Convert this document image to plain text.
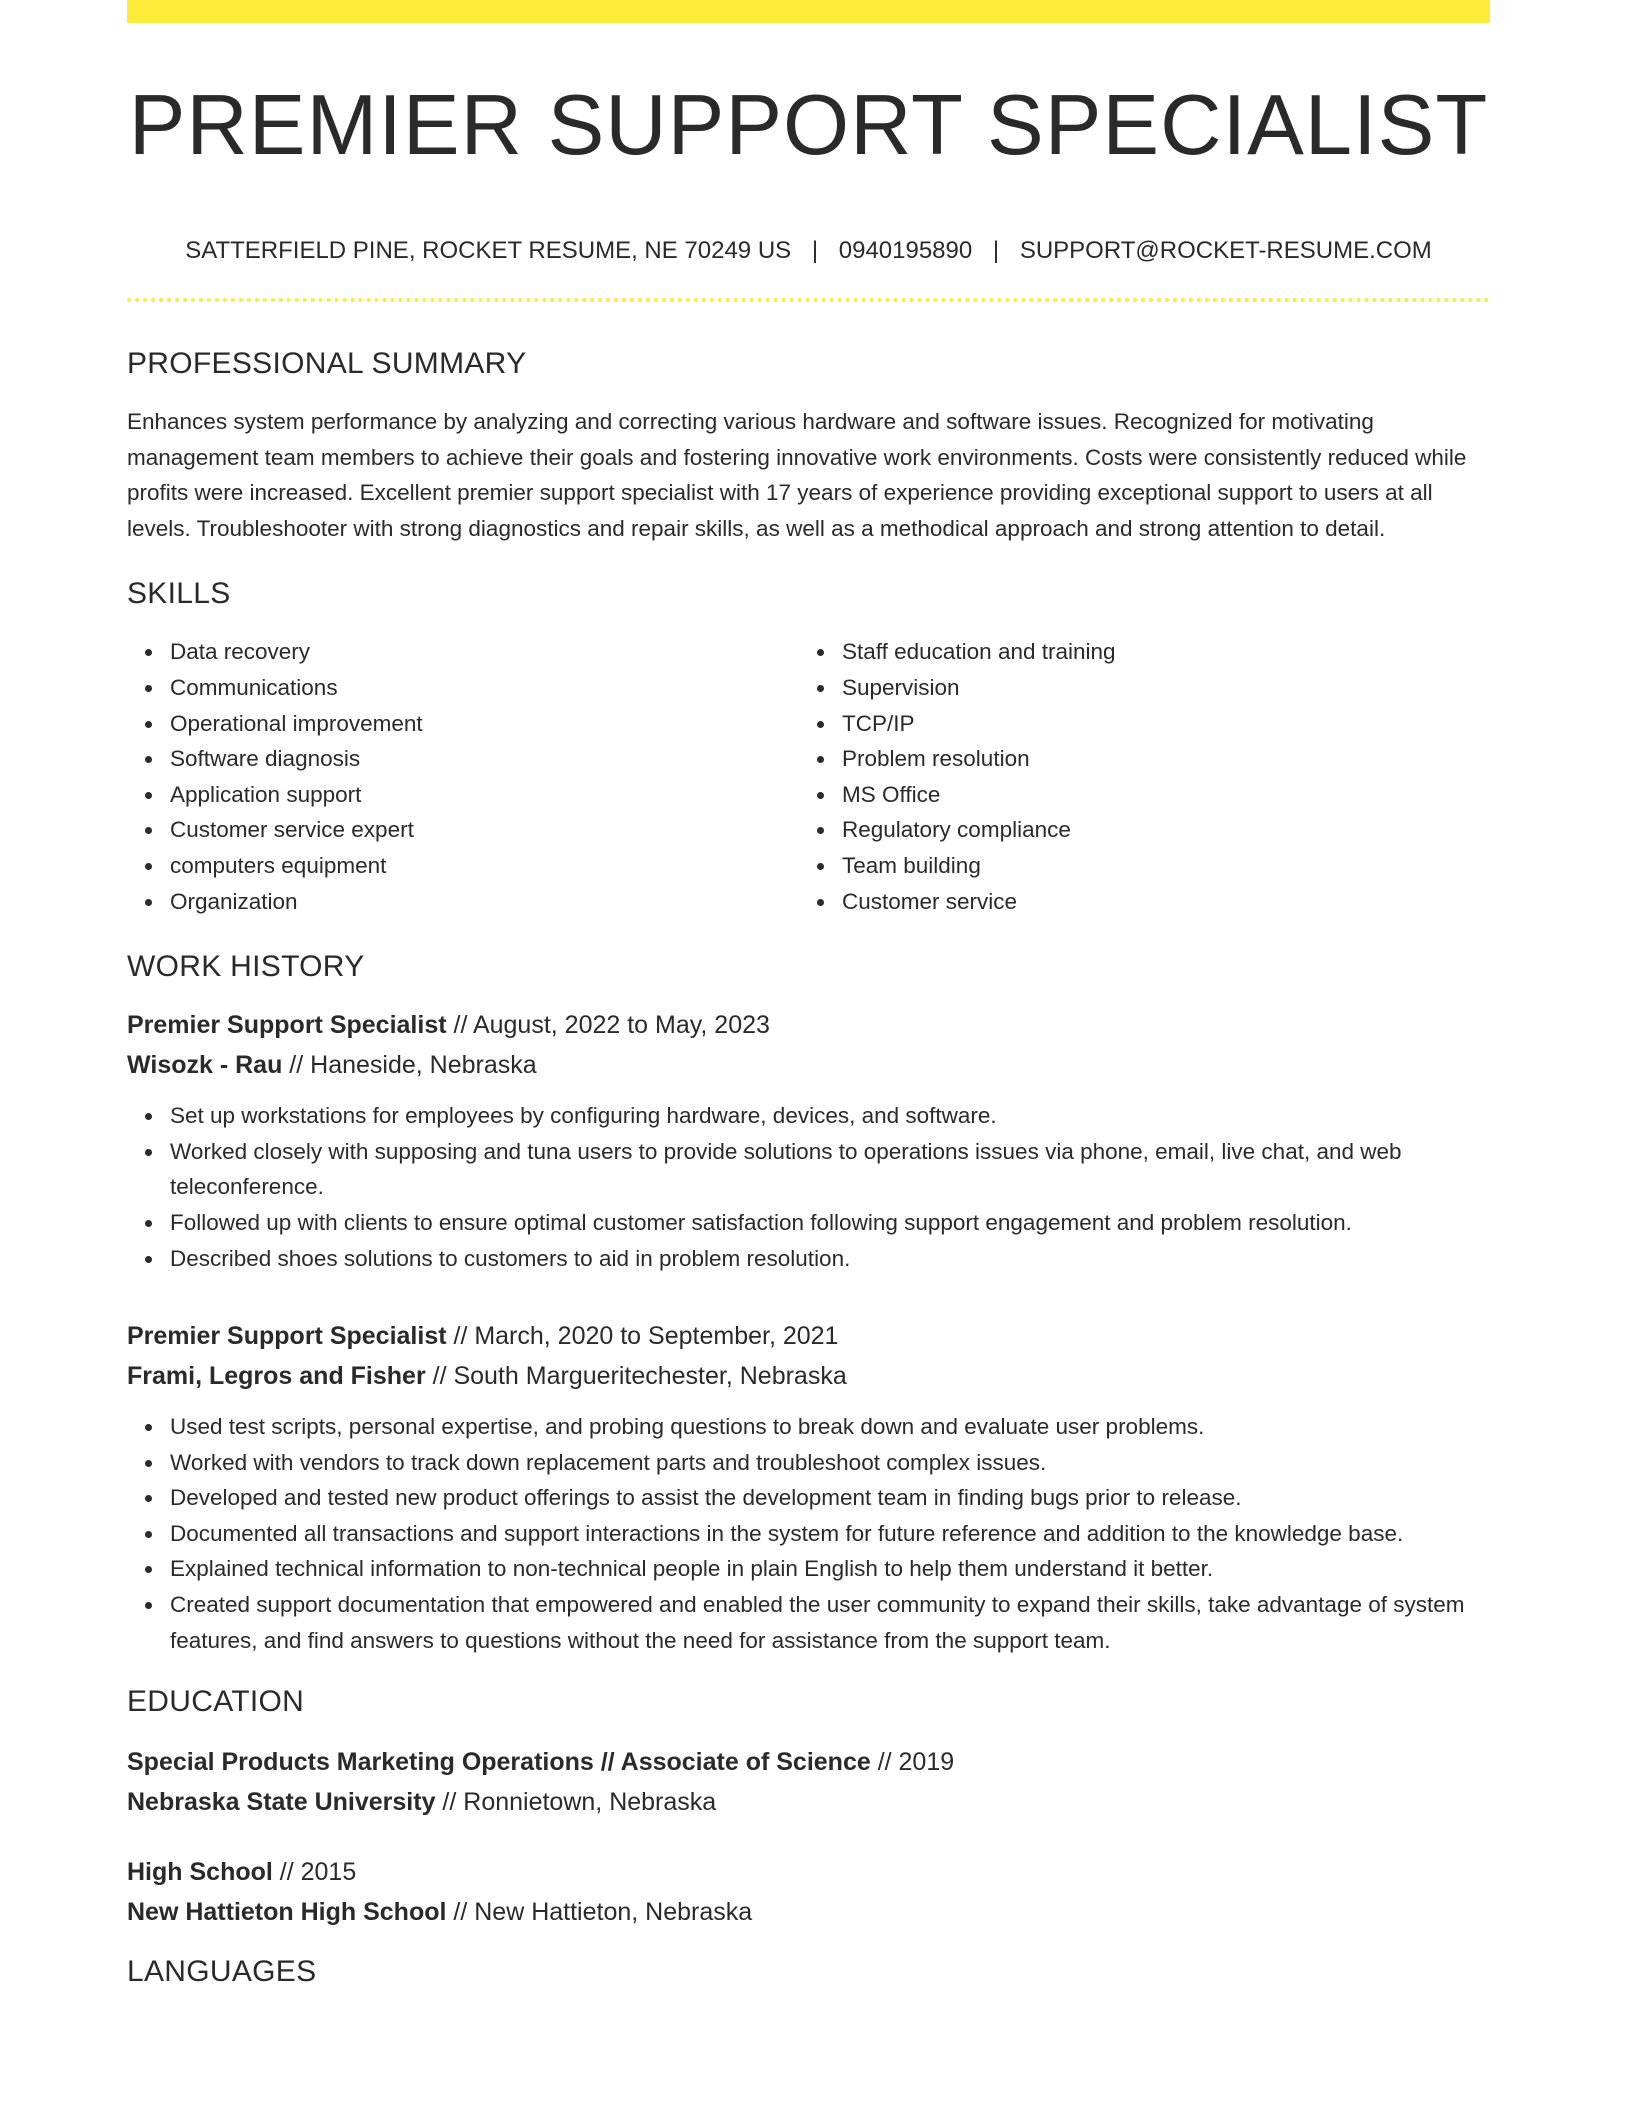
PREMIER SUPPORT SPECIALIST
SATTERFIELD PINE, ROCKET RESUME, NE 70249 US | 0940195890 | SUPPORT@ROCKET-RESUME.COM
PROFESSIONAL SUMMARY

Enhances system performance by analyzing and correcting various hardware and software issues. Recognized for motivating management team members to achieve their goals and fostering innovative work environments. Costs were consistently reduced while profits were increased. Excellent premier support specialist with 17 years of experience providing exceptional support to users at all levels. Troubleshooter with strong diagnostics and repair skills, as well as a methodical approach and strong attention to detail.

SKILLS
Data recovery
Communications
Operational improvement
Software diagnosis
Application support
Customer service expert
computers equipment
Organization
Staff education and training
Supervision
TCP/IP
Problem resolution
MS Office
Regulatory compliance
Team building
Customer service
WORK HISTORY
Premier Support Specialist // August, 2022 to May, 2023
Wisozk - Rau // Haneside, Nebraska
Set up workstations for employees by configuring hardware, devices, and software.
Worked closely with supposing and tuna users to provide solutions to operations issues via phone, email, live chat, and web teleconference.
Followed up with clients to ensure optimal customer satisfaction following support engagement and problem resolution.
Described shoes solutions to customers to aid in problem resolution.
Premier Support Specialist // March, 2020 to September, 2021
Frami, Legros and Fisher // South Margueritechester, Nebraska
Used test scripts, personal expertise, and probing questions to break down and evaluate user problems.
Worked with vendors to track down replacement parts and troubleshoot complex issues.
Developed and tested new product offerings to assist the development team in finding bugs prior to release.
Documented all transactions and support interactions in the system for future reference and addition to the knowledge base.
Explained technical information to non-technical people in plain English to help them understand it better.
Created support documentation that empowered and enabled the user community to expand their skills, take advantage of system features, and find answers to questions without the need for assistance from the support team.
EDUCATION
Special Products Marketing Operations // Associate of Science // 2019
Nebraska State University // Ronnietown, Nebraska
High School // 2015
New Hattieton High School // New Hattieton, Nebraska
LANGUAGES
